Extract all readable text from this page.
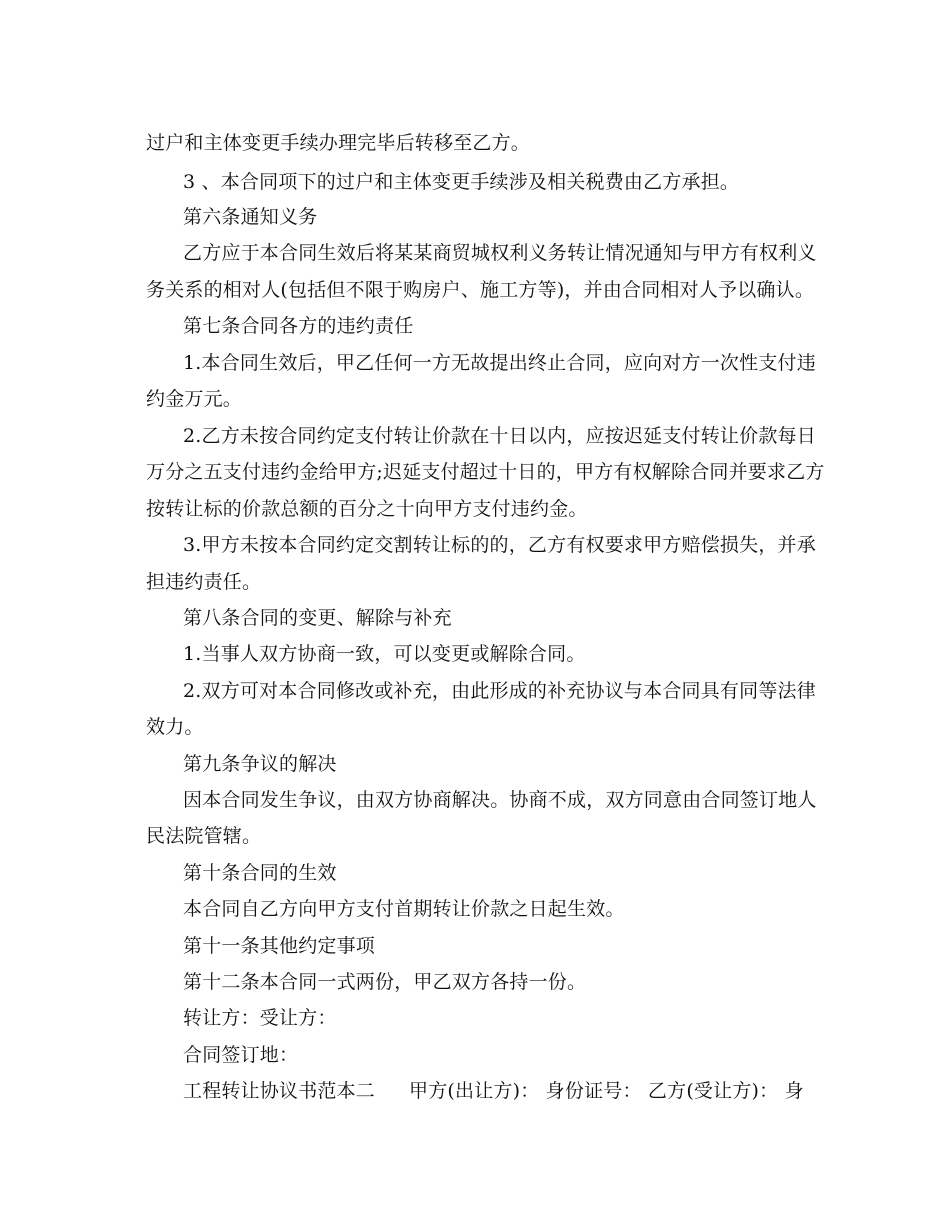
过户和主体变更手续办理完毕后转移至乙方。
3 、本合同项下的过户和主体变更手续涉及相关税费由乙方承担。
第六条通知义务
乙方应于本合同生效后将某某商贸城权利义务转让情况通知与甲方有权利义
务关系的相对人(包括但不限于购房户、施工方等)，并由合同相对人予以确认。
第七条合同各方的违约责任
1.本合同生效后，甲乙任何一方无故提出终止合同，应向对方一次性支付违
约金万元。
2.乙方未按合同约定支付转让价款在十日以内，应按迟延支付转让价款每日
万分之五支付违约金给甲方;迟延支付超过十日的，甲方有权解除合同并要求乙方
按转让标的价款总额的百分之十向甲方支付违约金。
3.甲方未按本合同约定交割转让标的的，乙方有权要求甲方赔偿损失，并承
担违约责任。
第八条合同的变更、解除与补充
1.当事人双方协商一致，可以变更或解除合同。
2.双方可对本合同修改或补充，由此形成的补充协议与本合同具有同等法律
效力。
第九条争议的解决
因本合同发生争议，由双方协商解决。协商不成，双方同意由合同签订地人
民法院管辖。
第十条合同的生效
本合同自乙方向甲方支付首期转让价款之日起生效。
第十一条其他约定事项
第十二条本合同一式两份，甲乙双方各持一份。
转让方：受让方：
合同签订地：
工程转让协议书范本二 甲方(出让方)： 身份证号： 乙方(受让方)： 身
